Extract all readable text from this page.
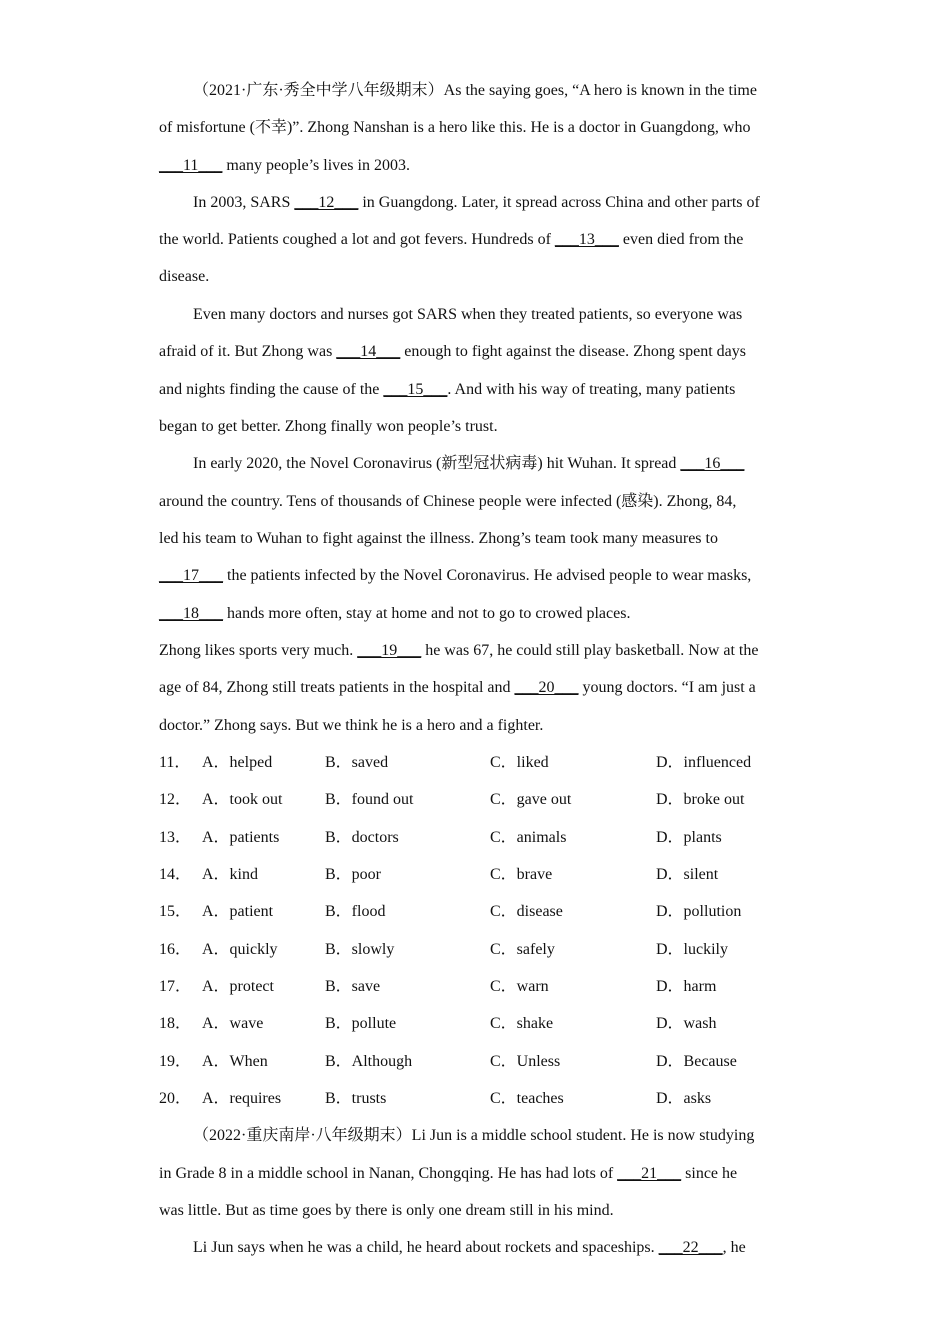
（2021·广东·秀全中学八年级期末）As the saying goes, “A hero is known in the time
of misfortune (不幸)”. Zhong Nanshan is a hero like this. He is a doctor in Guangdong, who
___11___ many people’s lives in 2003.
In 2003, SARS ___12___ in Guangdong. Later, it spread across China and other parts of
the world. Patients coughed a lot and got fevers. Hundreds of ___13___ even died from the
disease.
Even many doctors and nurses got SARS when they treated patients, so everyone was
afraid of it. But Zhong was ___14___ enough to fight against the disease. Zhong spent days
and nights finding the cause of the ___15___. And with his way of treating, many patients
began to get better. Zhong finally won people’s trust.
In early 2020, the Novel Coronavirus (新型冠状病毒) hit Wuhan. It spread ___16___
around the country. Tens of thousands of Chinese people were infected (感染). Zhong, 84,
led his team to Wuhan to fight against the illness. Zhong’s team took many measures to
___17___ the patients infected by the Novel Coronavirus. He advised people to wear masks,
___18___ hands more often, stay at home and not to go to crowed places.
Zhong likes sports very much. ___19___ he was 67, he could still play basketball. Now at the
age of 84, Zhong still treats patients in the hospital and ___20___ young doctors. “I am just a
doctor.” Zhong says. But we think he is a hero and a fighter.
11． A．helped	B．saved	C．liked	D．influenced
12． A．took out	B．found out	C．gave out	D．broke out
13． A．patients	B．doctors	C．animals	D．plants
14． A．kind	B．poor	C．brave	D．silent
15． A．patient	B．flood	C．disease	D．pollution
16． A．quickly	B．slowly	C．safely	D．luckily
17． A．protect	B．save	C．warn	D．harm
18． A．wave	B．pollute	C．shake	D．wash
19． A．When	B．Although	C．Unless	D．Because
20． A．requires	B．trusts	C．teaches	D．asks
（2022·重庆南岸·八年级期末）Li Jun is a middle school student. He is now studying
in Grade 8 in a middle school in Nanan, Chongqing. He has had lots of ___21___ since he
was little. But as time goes by there is only one dream still in his mind.
Li Jun says when he was a child, he heard about rockets and spaceships. ___22___, he
